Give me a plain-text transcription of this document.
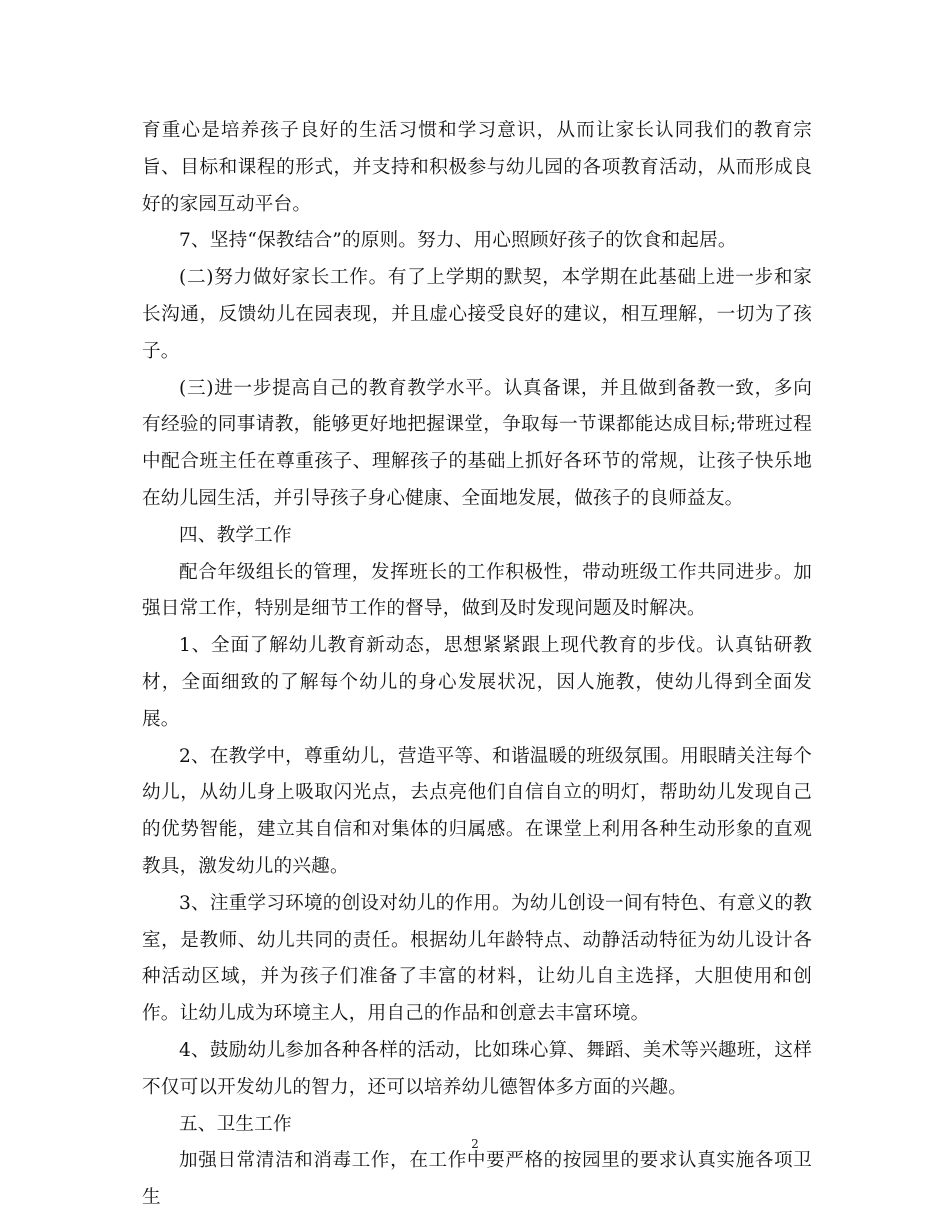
育重心是培养孩子良好的生活习惯和学习意识，从而让家长认同我们的教育宗旨、目标和课程的形式，并支持和积极参与幼儿园的各项教育活动，从而形成良好的家园互动平台。

7、坚持“保教结合”的原则。努力、用心照顾好孩子的饮食和起居。

(二)努力做好家长工作。有了上学期的默契，本学期在此基础上进一步和家长沟通，反馈幼儿在园表现，并且虚心接受良好的建议，相互理解，一切为了孩子。

(三)进一步提高自己的教育教学水平。认真备课，并且做到备教一致，多向有经验的同事请教，能够更好地把握课堂，争取每一节课都能达成目标;带班过程中配合班主任在尊重孩子、理解孩子的基础上抓好各环节的常规，让孩子快乐地在幼儿园生活，并引导孩子身心健康、全面地发展，做孩子的良师益友。

四、教学工作

配合年级组长的管理，发挥班长的工作积极性，带动班级工作共同进步。加强日常工作，特别是细节工作的督导，做到及时发现问题及时解决。

1、全面了解幼儿教育新动态，思想紧紧跟上现代教育的步伐。认真钻研教材，全面细致的了解每个幼儿的身心发展状况，因人施教，使幼儿得到全面发展。

2、在教学中，尊重幼儿，营造平等、和谐温暖的班级氛围。用眼睛关注每个幼儿，从幼儿身上吸取闪光点，去点亮他们自信自立的明灯，帮助幼儿发现自己的优势智能，建立其自信和对集体的归属感。在课堂上利用各种生动形象的直观教具，激发幼儿的兴趣。

3、注重学习环境的创设对幼儿的作用。为幼儿创设一间有特色、有意义的教室，是教师、幼儿共同的责任。根据幼儿年龄特点、动静活动特征为幼儿设计各种活动区域，并为孩子们准备了丰富的材料，让幼儿自主选择，大胆使用和创作。让幼儿成为环境主人，用自己的作品和创意去丰富环境。

4、鼓励幼儿参加各种各样的活动，比如珠心算、舞蹈、美术等兴趣班，这样不仅可以开发幼儿的智力，还可以培养幼儿德智体多方面的兴趣。

五、卫生工作

加强日常清洁和消毒工作，在工作中要严格的按园里的要求认真实施各项卫生

2
